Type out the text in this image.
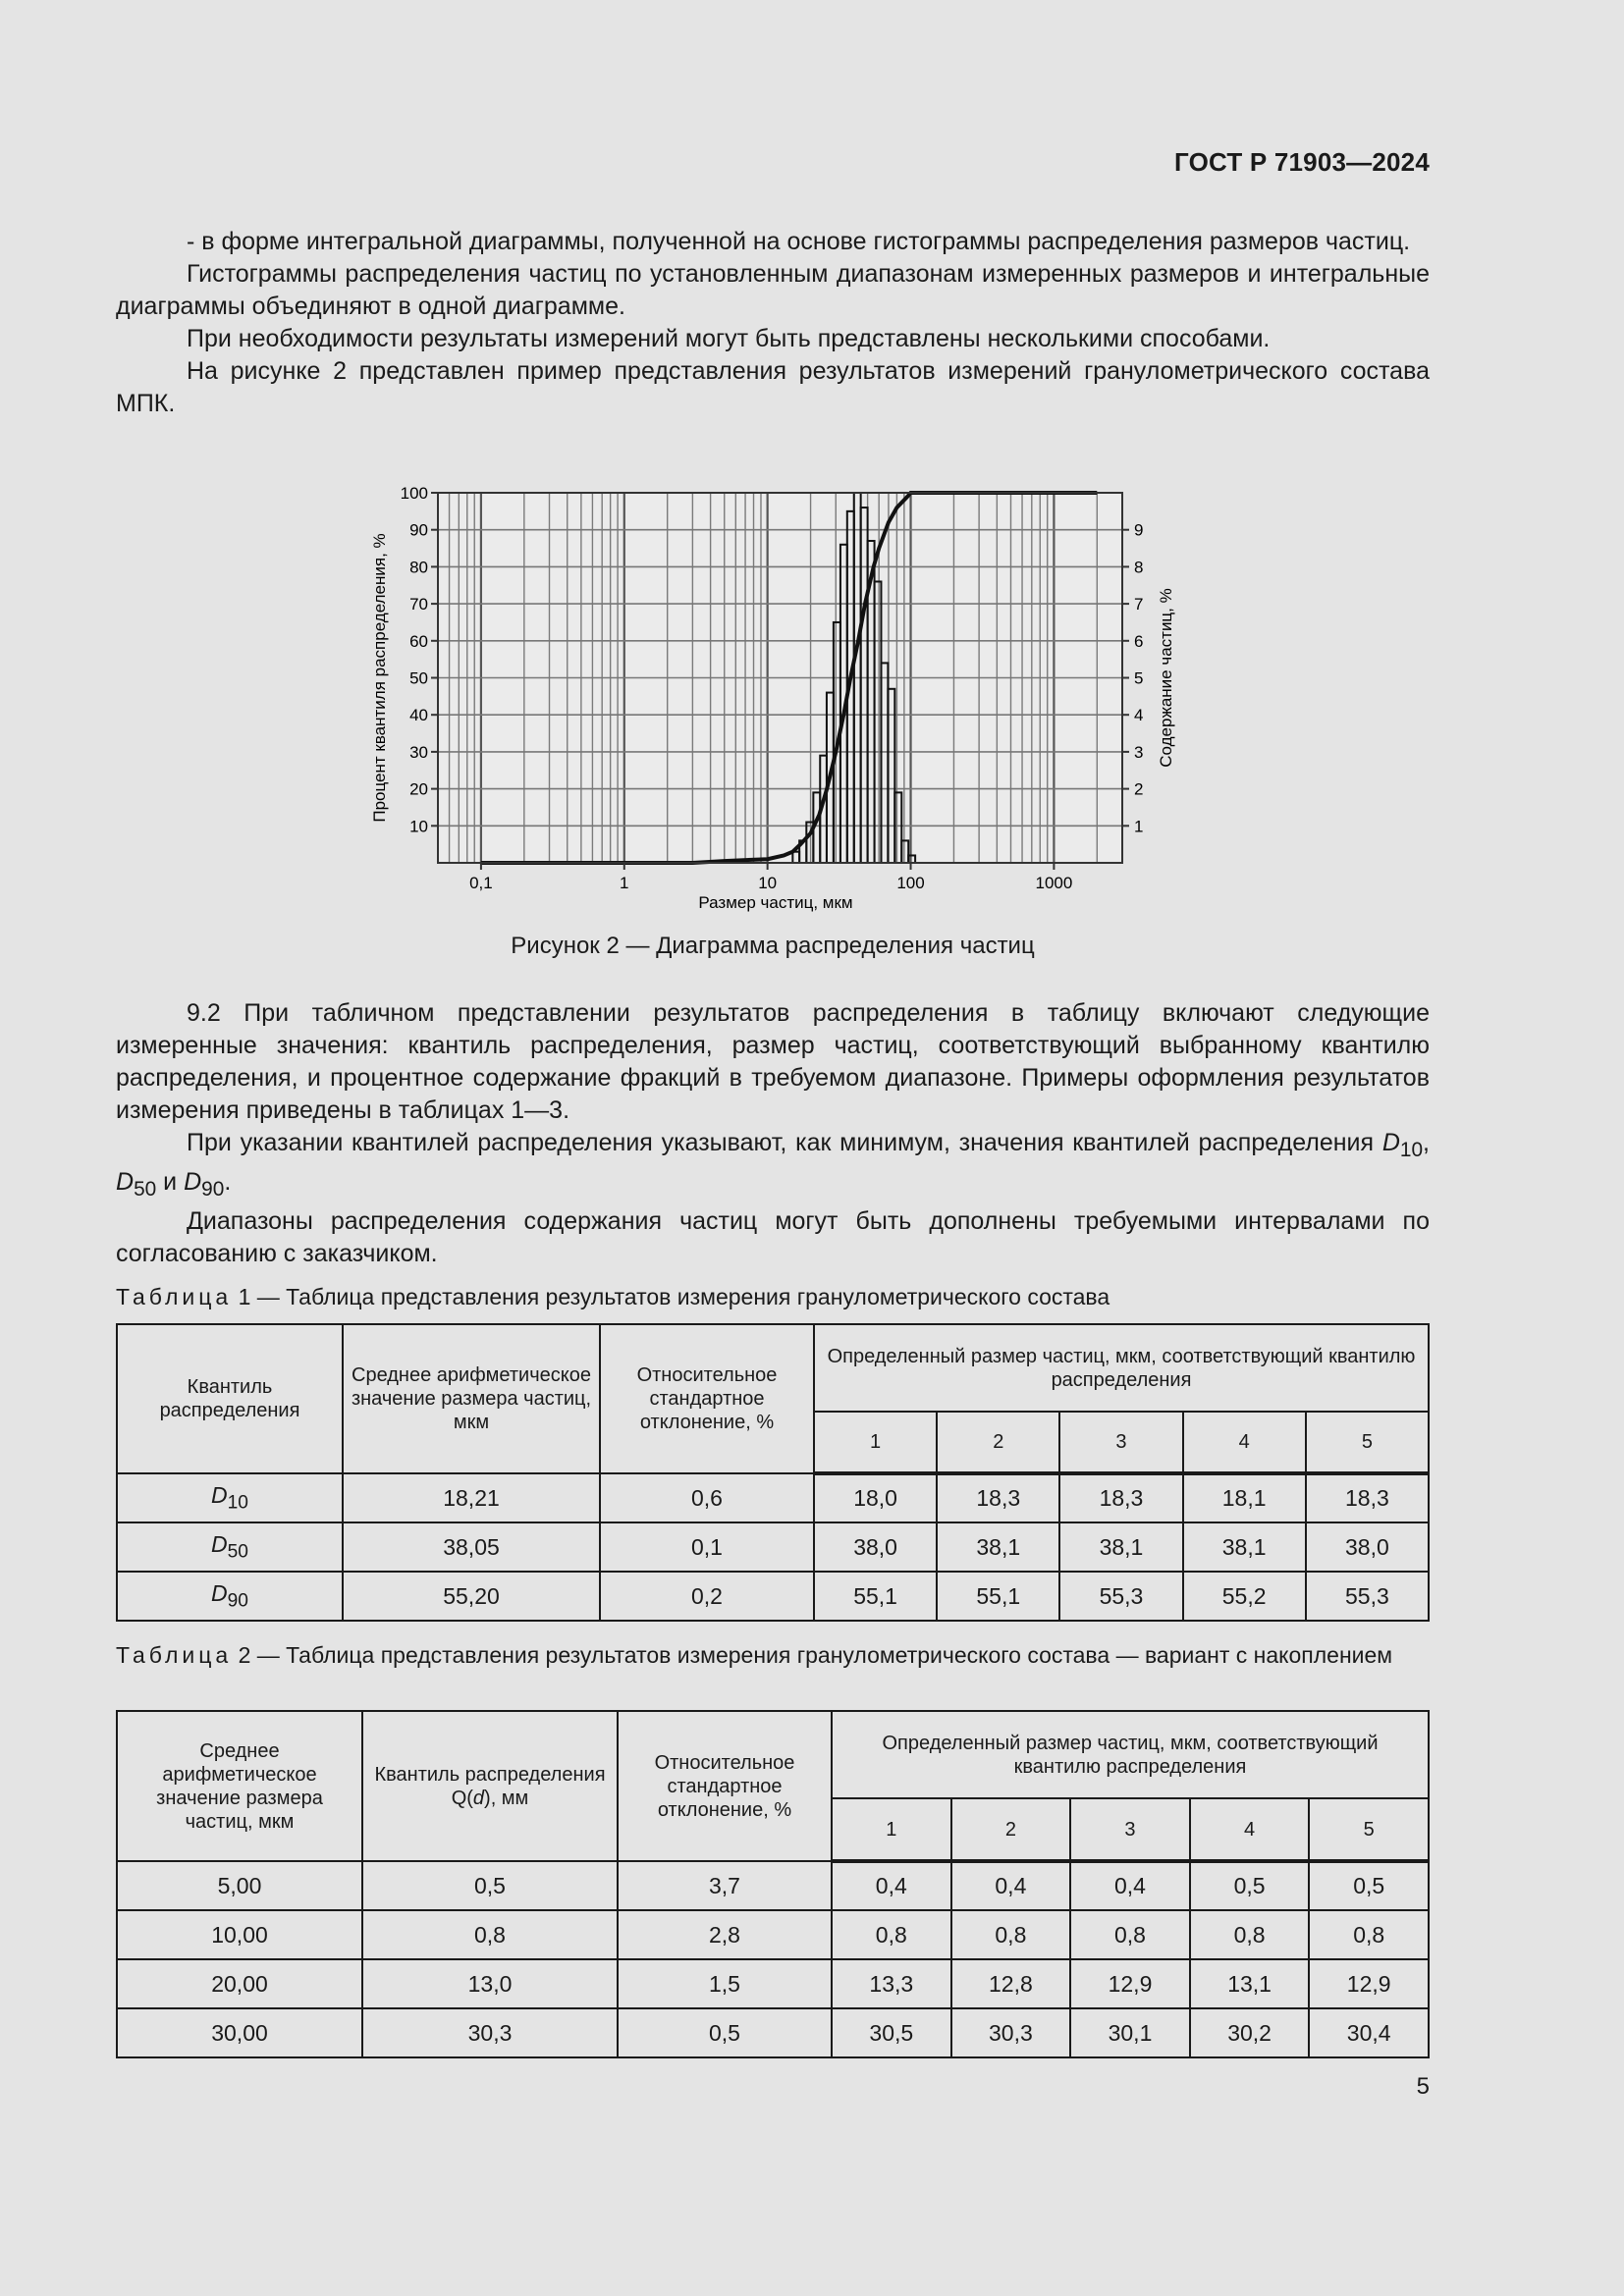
ГОСТ Р 71903—2024

- в форме интегральной диаграммы, полученной на основе гистограммы распределения размеров частиц.

Гистограммы распределения частиц по установленным диапазонам измеренных размеров и интегральные диаграммы объединяют в одной диаграмме.

При необходимости результаты измерений могут быть представлены несколькими способами.

На рисунке 2 представлен пример представления результатов измерений гранулометрического состава МПК.

0,1	1	10	100	1000
10
20
30
40
50
60
70
80
90
100
1
2
3
4
5
6
7
8
9
Размер частиц, мкм
Процент квантиля распределения, %	Содержание частиц, %
Рисунок 2 — Диаграмма распределения частиц

9.2 При табличном представлении результатов распределения в таблицу включают следующие измеренные значения: квантиль распределения, размер частиц, соответствующий выбранному квантилю распределения, и процентное содержание фракций в требуемом диапазоне. Примеры оформления результатов измерения приведены в таблицах 1—3.

При указании квантилей распределения указывают, как минимум, значения квантилей распределения $D_{10}$, $D_{50}$ и $D_{90}$.

Диапазоны распределения содержания частиц могут быть дополнены требуемыми интервалами по согласованию с заказчиком.

Таблица 1 — Таблица представления результатов измерения гранулометрического состава
Квантиль распределения	Среднее арифметическое значение размера частиц, мкм	Относительное стандартное отклонение, %	Определенный размер частиц, мкм, соответствующий квантилю распределения				
			1	2	3	4	5
$D_{10}$	18,21	0,6	18,0	18,3	18,3	18,1	18,3
$D_{50}$	38,05	0,1	38,0	38,1	38,1	38,1	38,0
$D_{90}$	55,20	0,2	55,1	55,1	55,3	55,2	55,3
Таблица 2 — Таблица представления результатов измерения гранулометрического состава — вариант с накоплением
Среднее арифметическое значение размера частиц, мкм	Квантиль распределения Q(d), мм	Относительное стандартное отклонение, %	Определенный размер частиц, мкм, соответствующий квантилю распределения				
			1	2	3	4	5
5,00	0,5	3,7	0,4	0,4	0,4	0,5	0,5
10,00	0,8	2,8	0,8	0,8	0,8	0,8	0,8
20,00	13,0	1,5	13,3	12,8	12,9	13,1	12,9
30,00	30,3	0,5	30,5	30,3	30,1	30,2	30,4
5
